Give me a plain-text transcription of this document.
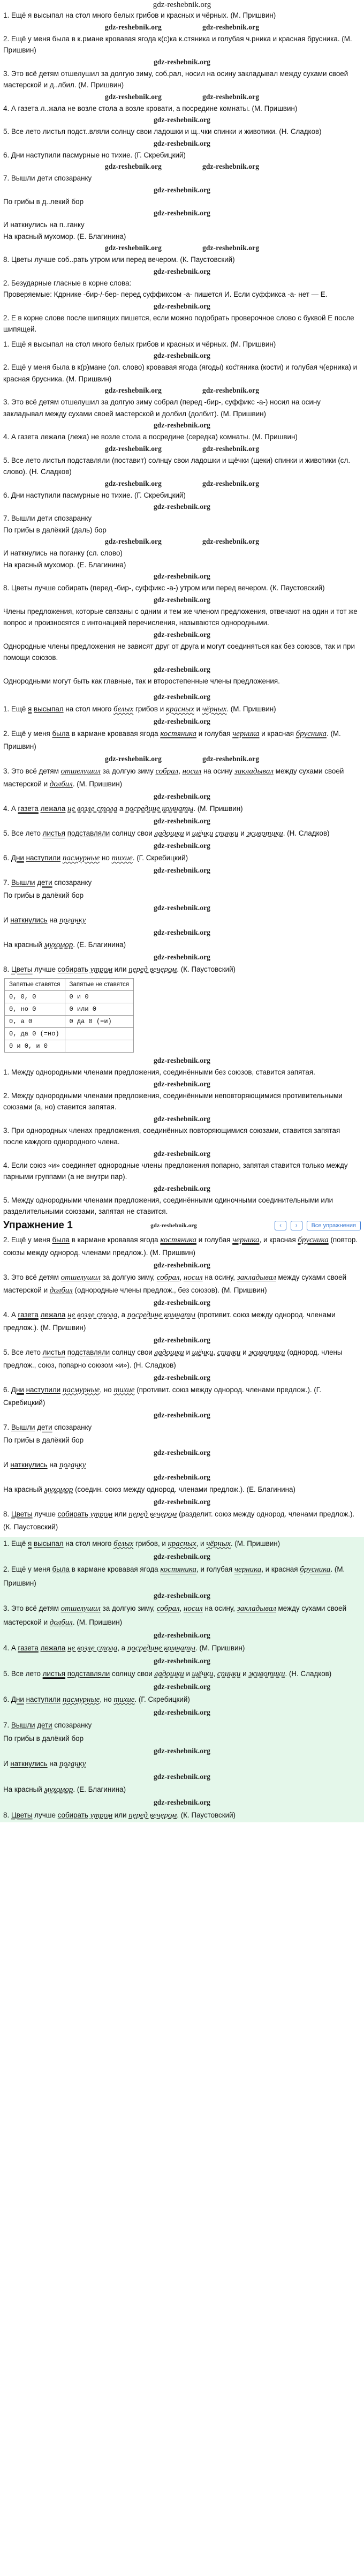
gdz-reshebnik.org

1. Ещё я высыпал на стол много белых грибов и красных и чёрных. (М. Пришвин)

gdz-reshebnik.org	gdz-reshebnik.org

2. Ещё у меня была в к.рмане кровавая ягода к(с)ка к.стяника и голубая ч.рника и красная брусника. (М. Пришвин)

gdz-reshebnik.org

3. Это всё детям отшелушил за долгую зиму, соб.рал, носил на осину закладывал между сухами своей мастерской и д..лбил. (М. Пришвин)

gdz-reshebnik.org	gdz-reshebnik.org

4. А газета л..жала не возле стола а возле кровати, а посредине комнаты. (М. Пришвин)

gdz-reshebnik.org

5. Все лето листья подст..вляли солнцу свои ладошки и щ..чки спинки и животики. (Н. Сладков)

gdz-reshebnik.org

6. Дни наступили пасмурные но тихие. (Г. Скребицкий)

gdz-reshebnik.org	gdz-reshebnik.org

7. Вышли дети спозаранку

gdz-reshebnik.org

По грибы в д..лекий бор

gdz-reshebnik.org

И наткнулись на п..ганку

На красный мухомор. (Е. Благинина)

gdz-reshebnik.org	gdz-reshebnik.org

8. Цветы лучше соб..рать утром или перед вечером. (К. Паустовский)

gdz-reshebnik.org

2. Безударные гласные в корне слова:

Проверяемые: Кдрнике -бир-/-бер- перед суффиксом -а- пишется И. Если суффикса -а- нет — Е.

gdz-reshebnik.org

2. Е в корне слове после шипящих пишется, если можно подобрать проверочное слово с буквой Е после шипящей.

1. Ещё я высыпал на стол много белых грибов и красных и чёрных. (М. Пришвин)

gdz-reshebnik.org

2. Ещё у меня была в к(р)мане (ол. слово) кровавая ягода (ягоды) кос̆тяника (кости) и голубая ч(ерника) и красная брусника. (М. Пришвин)

gdz-reshebnik.org	gdz-reshebnik.org

3. Это всё детям отшелушил за долгую зиму собрал (перед -бир-, суффикс -а-) носил на осину закладывал между сухами своей мастерской и долбил (долбит). (М. Пришвин)

gdz-reshebnik.org

4. А газета лежала (лежа) не возле стола а посредине (середка) комнаты. (М. Пришвин)

gdz-reshebnik.org	gdz-reshebnik.org

5. Все лето листья подставляли (поставит) солнцу свои ладошки и щёчки (щеки) спинки и животики (сл. слово). (Н. Сладков)

gdz-reshebnik.org	gdz-reshebnik.org

6. Дни наступили пасмурные но тихие. (Г. Скребицкий)

gdz-reshebnik.org

7. Вышли дети спозаранку

По грибы в далёкий (даль) бор

gdz-reshebnik.org	gdz-reshebnik.org

И наткнулись на поганку (сл. слово)

На красный мухомор. (Е. Благинина)

gdz-reshebnik.org

8. Цветы лучше собирать (перед -бир-, суффикс -а-) утром или перед вечером. (К. Паустовский)

gdz-reshebnik.org

Члены предложения, которые связаны с одним и тем же членом предложения, отвечают на один и тот же вопрос и произносятся с интонацией перечисления, называются однородными.

gdz-reshebnik.org

Однородные члены предложения не зависят друг от друга и могут соединяться как без союзов, так и при помощи союзов.

gdz-reshebnik.org

Однородными могут быть как главные, так и второстепенные члены предложения.

gdz-reshebnik.org

1. Ещё я высыпал на стол много белых грибов и красных и чёрных. (М. Пришвин)

gdz-reshebnik.org

2. Ещё у меня была в кармане кровавая ягода костяника и голубая черника и красная брусника. (М. Пришвин)

gdz-reshebnik.org	gdz-reshebnik.org

3. Это всё детям отшелушил за долгую зиму собрал, носил на осину закладывал между сухами своей мастерской и долбил. (М. Пришвин)

gdz-reshebnik.org

4. А газета лежала не возле стола а посредине комнаты. (М. Пришвин)

gdz-reshebnik.org

5. Все лето листья подставляли солнцу свои ладошки и щёчки спинки и животики. (Н. Сладков)

gdz-reshebnik.org

6. Дни наступили пасмурные но тихие. (Г. Скребицкий)

gdz-reshebnik.org

7. Вышли дети спозаранку

По грибы в далёкий бор

gdz-reshebnik.org

И наткнулись на поганку

gdz-reshebnik.org

На красный мухомор. (Е. Благинина)

gdz-reshebnik.org

8. Цветы лучше собирать утром или перед вечером. (К. Паустовский)

Запятые ставятся	Запятые не ставятся
0, 0, 0	0 и 0
0, но 0	0 или 0
0, а 0	0 да 0 (=и)
0, да 0 (=но)	
0 и 0, и 0	
gdz-reshebnik.org

1. Между однородными членами предложения, соединёнными без союзов, ставится запятая.

gdz-reshebnik.org

2. Между однородными членами предложения, соединёнными неповторяющимися противительными союзами (а, но) ставится запятая.

gdz-reshebnik.org

3. При однородных членах предложения, соединённых повторяющимися союзами, ставится запятая после каждого однородного члена.

gdz-reshebnik.org

4. Если союз «и» соединяет однородные члены предложения попарно, запятая ставится только между парными группами (а не внутри пар).

gdz-reshebnik.org

5. Между однородными членами предложения, соединёнными одиночными соединительными или разделительными союзами, запятая не ставится.

Упражнение 1	gdz-reshebnik.org	‹	›	Все упражнения

2. Ещё у меня была в кармане кровавая ягода костяника и голубая черника, и красная брусника (повтор. союзы между однород. членами предлож.). (М. Пришвин)

gdz-reshebnik.org

3. Это всё детям отшелушил за долгую зиму, собрал, носил на осину, закладывал между сухами своей мастерской и долбил (однородные члены предлож., без союзов). (М. Пришвин)

gdz-reshebnik.org

4. А газета лежала не возле стола, а посредине комнаты (противит. союз между однород. членами предлож.). (М. Пришвин)

gdz-reshebnik.org

5. Все лето листья подставляли солнцу свои ладошки и щёчки, спинки и животики (однород. члены предлож., союз, попарно союзом «и»). (Н. Сладков)

gdz-reshebnik.org

6. Дни наступили пасмурные, но тихие (противит. союз между однород. членами предлож.). (Г. Скребицкий)

gdz-reshebnik.org

7. Вышли дети спозаранку

По грибы в далёкий бор

gdz-reshebnik.org

И наткнулись на поганку

gdz-reshebnik.org

На красный мухомор (соедин. союз между однород. членами предлож.). (Е. Благинина)

gdz-reshebnik.org

8. Цветы лучше собирать утром или перед вечером (разделит. союз между однород. членами предлож.). (К. Паустовский)

1. Ещё я высыпал на стол много белых грибов, и красных, и чёрных. (М. Пришвин)

gdz-reshebnik.org

2. Ещё у меня была в кармане кровавая ягода костяника, и голубая черника, и красная брусника. (М. Пришвин)

gdz-reshebnik.org

3. Это всё детям отшелушил за долгую зиму, собрал, носил на осину, закладывал между сухами своей мастерской и долбил. (М. Пришвин)

gdz-reshebnik.org

4. А газета лежала не возле стола, а посредине комнаты. (М. Пришвин)

gdz-reshebnik.org

5. Все лето листья подставляли солнцу свои ладошки и щёчки, спинки и животики. (Н. Сладков)

gdz-reshebnik.org

6. Дни наступили пасмурные, но тихие. (Г. Скребицкий)

gdz-reshebnik.org

7. Вышли дети спозаранку

По грибы в далёкий бор

gdz-reshebnik.org

И наткнулись на поганку

gdz-reshebnik.org

На красный мухомор. (Е. Благинина)

gdz-reshebnik.org

8. Цветы лучше собирать утром или перед вечером. (К. Паустовский)
